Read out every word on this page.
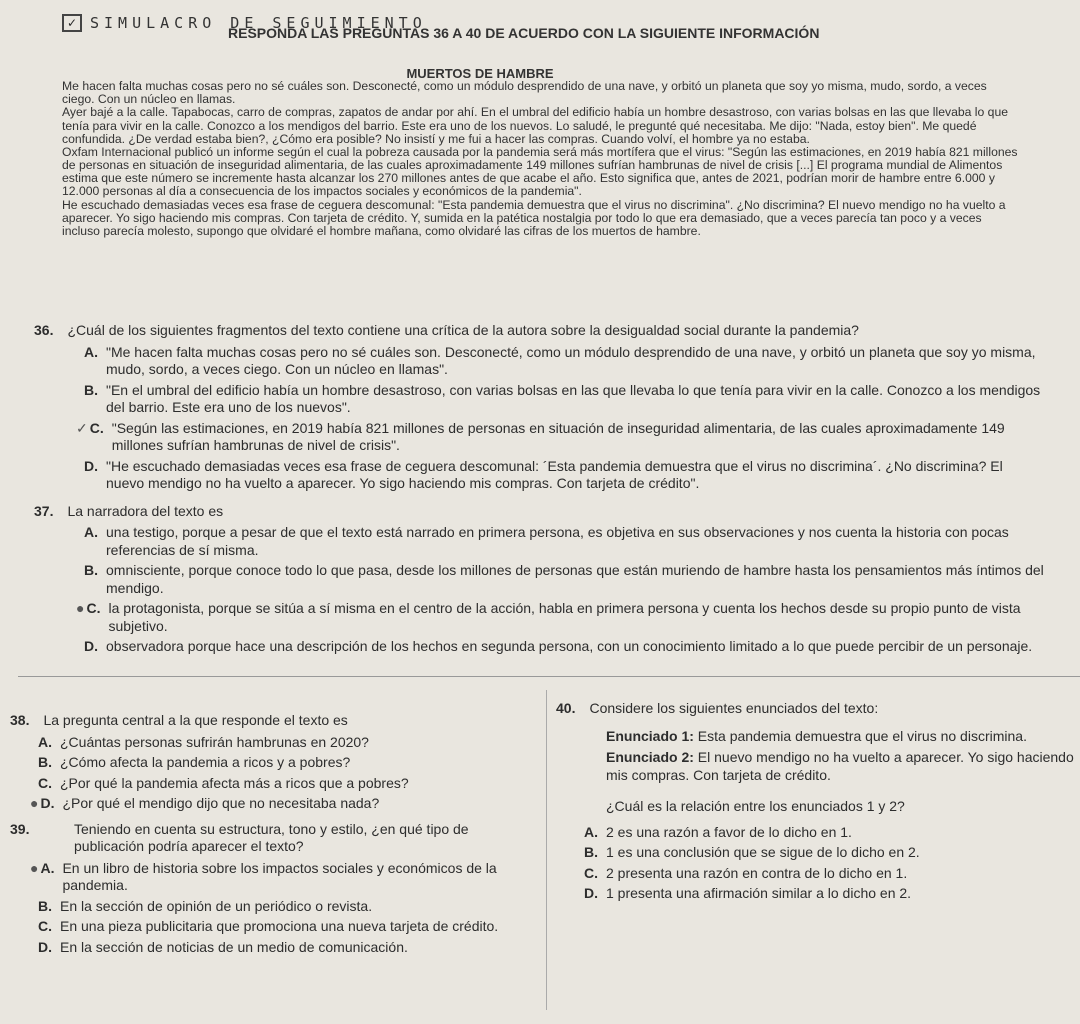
✓ SIMULACRO DE SEGUIMIENTO
RESPONDA LAS PREGUNTAS 36 A 40 DE ACUERDO CON LA SIGUIENTE INFORMACIÓN
MUERTOS DE HAMBRE

Me hacen falta muchas cosas pero no sé cuáles son. Desconecté, como un módulo desprendido de una nave, y orbitó un planeta que soy yo misma, mudo, sordo, a veces ciego. Con un núcleo en llamas.

Ayer bajé a la calle. Tapabocas, carro de compras, zapatos de andar por ahí. En el umbral del edificio había un hombre desastroso, con varias bolsas en las que llevaba lo que tenía para vivir en la calle. Conozco a los mendigos del barrio. Este era uno de los nuevos. Lo saludé, le pregunté qué necesitaba. Me dijo: "Nada, estoy bien". Me quedé confundida. ¿De verdad estaba bien?, ¿Cómo era posible? No insistí y me fui a hacer las compras. Cuando volví, el hombre ya no estaba.

Oxfam Internacional publicó un informe según el cual la pobreza causada por la pandemia será más mortífera que el virus: "Según las estimaciones, en 2019 había 821 millones de personas en situación de inseguridad alimentaria, de las cuales aproximadamente 149 millones sufrían hambrunas de nivel de crisis [...] El programa mundial de Alimentos estima que este número se incremente hasta alcanzar los 270 millones antes de que acabe el año. Esto significa que, antes de 2021, podrían morir de hambre entre 6.000 y 12.000 personas al día a consecuencia de los impactos sociales y económicos de la pandemia".

He escuchado demasiadas veces esa frase de ceguera descomunal: "Esta pandemia demuestra que el virus no discrimina". ¿No discrimina? El nuevo mendigo no ha vuelto a aparecer. Yo sigo haciendo mis compras. Con tarjeta de crédito. Y, sumida en la patética nostalgia por todo lo que era demasiado, que a veces parecía tan poco y a veces incluso parecía molesto, supongo que olvidaré el hombre mañana, como olvidaré las cifras de los muertos de hambre.

36. ¿Cuál de los siguientes fragmentos del texto contiene una crítica de la autora sobre la desigualdad social durante la pandemia?
A. "Me hacen falta muchas cosas pero no sé cuáles son. Desconecté, como un módulo desprendido de una nave, y orbitó un planeta que soy yo misma, mudo, sordo, a veces ciego. Con un núcleo en llamas".
B. "En el umbral del edificio había un hombre desastroso, con varias bolsas en las que llevaba lo que tenía para vivir en la calle. Conozco a los mendigos del barrio. Este era uno de los nuevos".
✓ C. "Según las estimaciones, en 2019 había 821 millones de personas en situación de inseguridad alimentaria, de las cuales aproximadamente 149 millones sufrían hambrunas de nivel de crisis".
D. "He escuchado demasiadas veces esa frase de ceguera descomunal: ´Esta pandemia demuestra que el virus no discrimina´. ¿No discrimina? El nuevo mendigo no ha vuelto a aparecer. Yo sigo haciendo mis compras. Con tarjeta de crédito".
37. La narradora del texto es
A. una testigo, porque a pesar de que el texto está narrado en primera persona, es objetiva en sus observaciones y nos cuenta la historia con pocas referencias de sí misma.
B. omnisciente, porque conoce todo lo que pasa, desde los millones de personas que están muriendo de hambre hasta los pensamientos más íntimos del mendigo.
● C. la protagonista, porque se sitúa a sí misma en el centro de la acción, habla en primera persona y cuenta los hechos desde su propio punto de vista subjetivo.
D. observadora porque hace una descripción de los hechos en segunda persona, con un conocimiento limitado a lo que puede percibir de un personaje.
38. La pregunta central a la que responde el texto es
A. ¿Cuántas personas sufrirán hambrunas en 2020?
B. ¿Cómo afecta la pandemia a ricos y a pobres?
C. ¿Por qué la pandemia afecta más a ricos que a pobres?
● D. ¿Por qué el mendigo dijo que no necesitaba nada?
39.	Teniendo en cuenta su estructura, tono y estilo, ¿en qué tipo de publicación podría aparecer el texto?
● A. En un libro de historia sobre los impactos sociales y económicos de la pandemia.
B. En la sección de opinión de un periódico o revista.
C. En una pieza publicitaria que promociona una nueva tarjeta de crédito.
D. En la sección de noticias de un medio de comunicación.
40. Considere los siguientes enunciados del texto:
Enunciado 1: Esta pandemia demuestra que el virus no discrimina.
Enunciado 2: El nuevo mendigo no ha vuelto a aparecer. Yo sigo haciendo mis compras. Con tarjeta de crédito.
¿Cuál es la relación entre los enunciados 1 y 2?
A. 2 es una razón a favor de lo dicho en 1.
B. 1 es una conclusión que se sigue de lo dicho en 2.
C. 2 presenta una razón en contra de lo dicho en 1.
D. 1 presenta una afirmación similar a lo dicho en 2.
